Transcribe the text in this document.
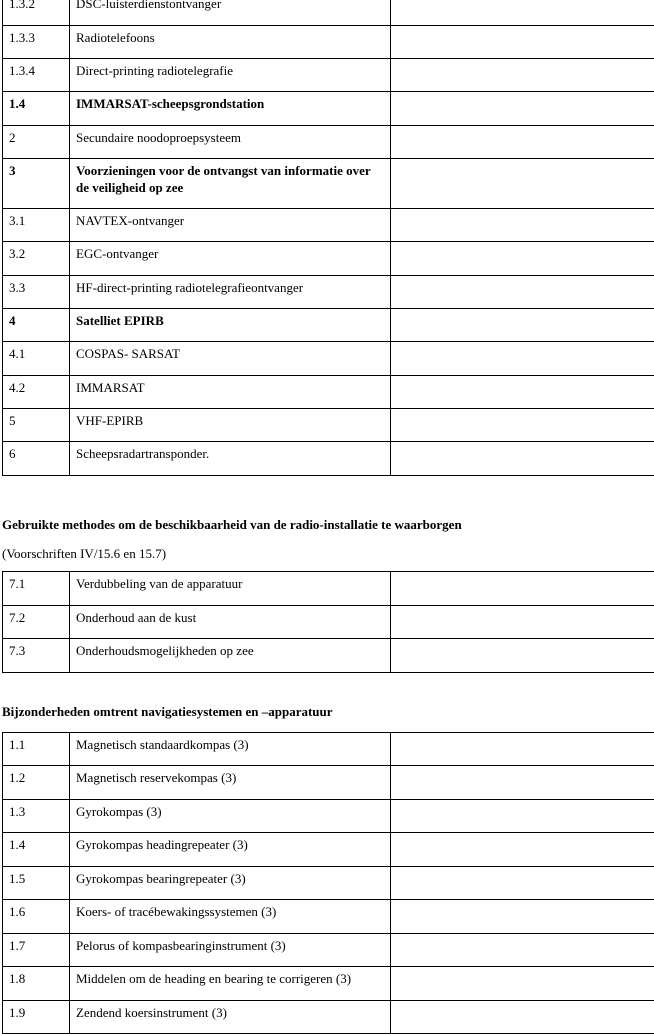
1.3.2	DSC-luisterdienstontvanger	
1.3.3	Radiotelefoons	
1.3.4	Direct-printing radiotelegrafie	
1.4	IMMARSAT-scheepsgrondstation	
2	Secundaire noodoproepsysteem	
3	Voorzieningen voor de ontvangst van informatie over de veiligheid op zee	
3.1	NAVTEX-ontvanger	
3.2	EGC-ontvanger	
3.3	HF-direct-printing radiotelegrafieontvanger	
4	Satelliet EPIRB	
4.1	COSPAS- SARSAT	
4.2	IMMARSAT	
5	VHF-EPIRB	
6	Scheepsradartransponder.	
Gebruikte methodes om de beschikbaarheid van de radio-installatie te waarborgen
(Voorschriften IV/15.6 en 15.7)
7.1	Verdubbeling van de apparatuur	
7.2	Onderhoud aan de kust	
7.3	Onderhoudsmogelijkheden op zee	
Bijzonderheden omtrent navigatiesystemen en –apparatuur
1.1	Magnetisch standaardkompas (3)	
1.2	Magnetisch reservekompas (3)	
1.3	Gyrokompas (3)	
1.4	Gyrokompas headingrepeater (3)	
1.5	Gyrokompas bearingrepeater (3)	
1.6	Koers- of tracébewakingssystemen (3)	
1.7	Pelorus of kompasbearinginstrument (3)	
1.8	Middelen om de heading en bearing te corrigeren (3)	
1.9	Zendend koersinstrument (3)	
